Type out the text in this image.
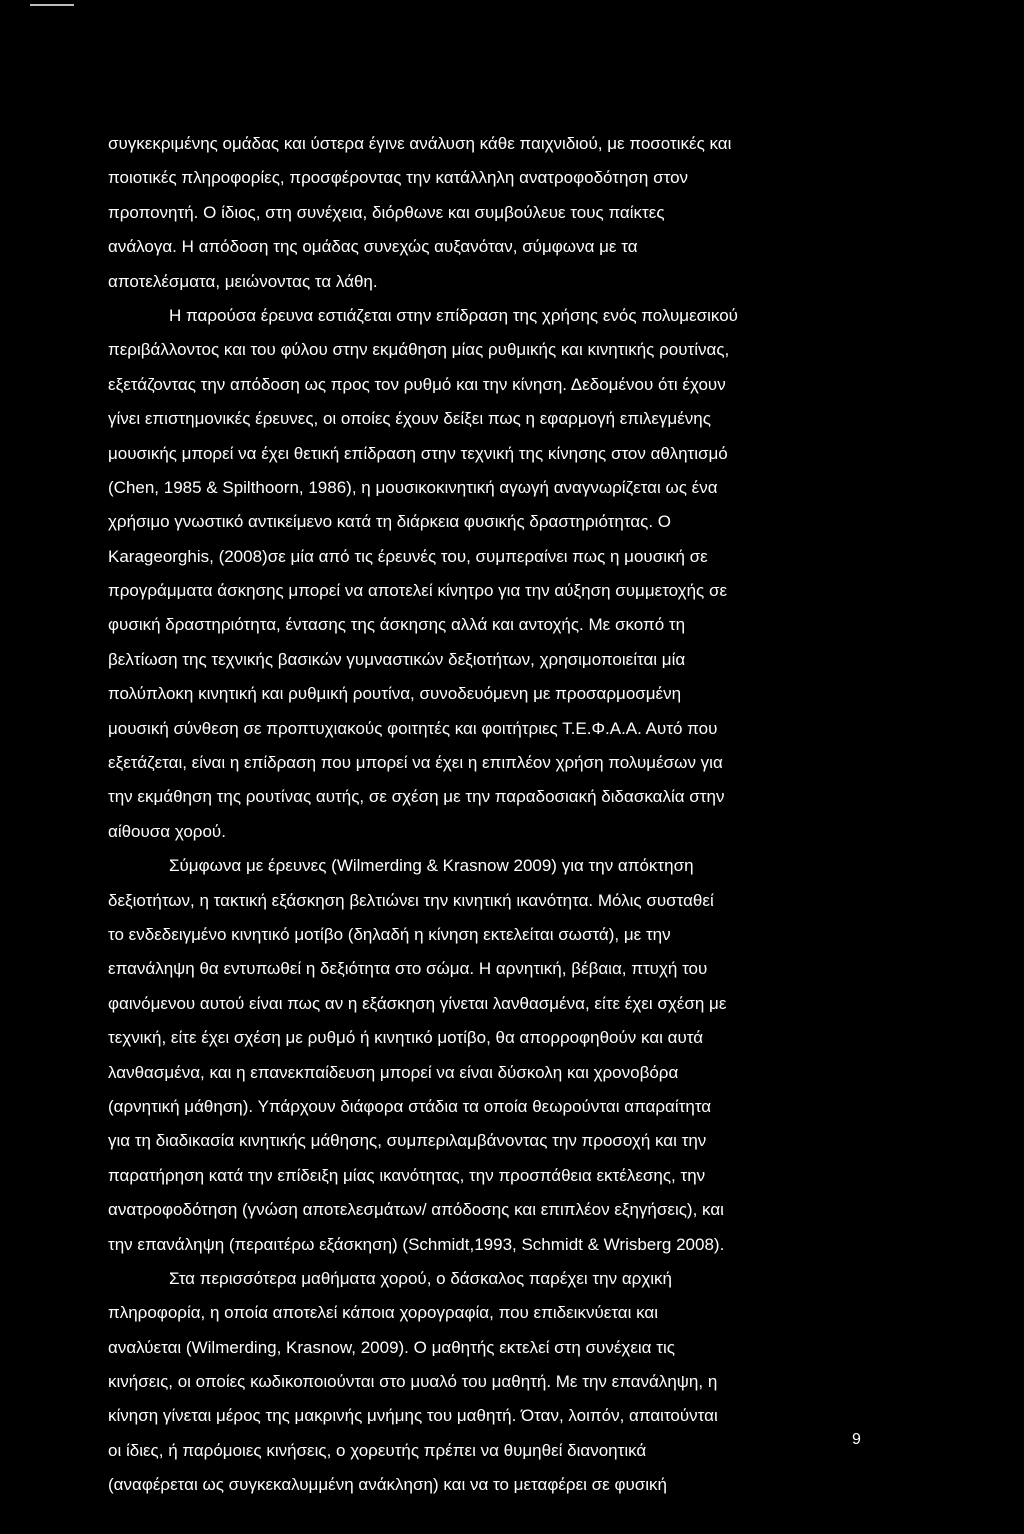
συγκεκριμένης ομάδας και ύστερα έγινε ανάλυση κάθε παιχνιδιού, με ποσοτικές και
ποιοτικές πληροφορίες, προσφέροντας την κατάλληλη ανατροφοδότηση στον
προπονητή. Ο ίδιος, στη συνέχεια, διόρθωνε και συμβούλευε τους παίκτες
ανάλογα. Η απόδοση της ομάδας συνεχώς αυξανόταν, σύμφωνα με τα
αποτελέσματα, μειώνοντας τα λάθη.
Η παρούσα έρευνα εστιάζεται στην επίδραση της χρήσης ενός πολυμεσικού
περιβάλλοντος και του φύλου στην εκμάθηση μίας ρυθμικής και κινητικής ρουτίνας,
εξετάζοντας την απόδοση ως προς τον ρυθμό και την κίνηση. Δεδομένου ότι έχουν
γίνει επιστημονικές έρευνες, οι οποίες έχουν δείξει πως η εφαρμογή επιλεγμένης
μουσικής μπορεί να έχει θετική επίδραση στην τεχνική της κίνησης στον αθλητισμό
(Chen, 1985 & Spilthoorn, 1986), η μουσικοκινητική αγωγή αναγνωρίζεται ως ένα
χρήσιμο γνωστικό αντικείμενο κατά τη διάρκεια φυσικής δραστηριότητας. Ο
Karageorghis, (2008)σε μία από τις έρευνές του, συμπεραίνει πως η μουσική σε
προγράμματα άσκησης μπορεί να αποτελεί κίνητρο για την αύξηση συμμετοχής σε
φυσική δραστηριότητα, έντασης της άσκησης αλλά και αντοχής. Με σκοπό τη
βελτίωση της τεχνικής βασικών γυμναστικών δεξιοτήτων, χρησιμοποιείται μία
πολύπλοκη κινητική και ρυθμική ρουτίνα, συνοδευόμενη με προσαρμοσμένη
μουσική σύνθεση σε προπτυχιακούς φοιτητές και φοιτήτριες Τ.Ε.Φ.Α.Α. Αυτό που
εξετάζεται, είναι η επίδραση που μπορεί να έχει η επιπλέον χρήση πολυμέσων για
την εκμάθηση της ρουτίνας αυτής, σε σχέση με την παραδοσιακή διδασκαλία στην
αίθουσα χορού.
Σύμφωνα με έρευνες (Wilmerding & Krasnow 2009) για την απόκτηση
δεξιοτήτων, η τακτική εξάσκηση βελτιώνει την κινητική ικανότητα. Μόλις συσταθεί
το ενδεδειγμένο κινητικό μοτίβο (δηλαδή η κίνηση εκτελείται σωστά), με την
επανάληψη θα εντυπωθεί η δεξιότητα στο σώμα. Η αρνητική, βέβαια, πτυχή του
φαινόμενου αυτού είναι πως αν η εξάσκηση γίνεται λανθασμένα, είτε έχει σχέση με
τεχνική, είτε έχει σχέση με ρυθμό ή κινητικό μοτίβο, θα απορροφηθούν και αυτά
λανθασμένα, και η επανεκπαίδευση μπορεί να είναι δύσκολη και χρονοβόρα
(αρνητική μάθηση). Υπάρχουν διάφορα στάδια τα οποία θεωρούνται απαραίτητα
για τη διαδικασία κινητικής μάθησης, συμπεριλαμβάνοντας την προσοχή και την
παρατήρηση κατά την επίδειξη μίας ικανότητας, την προσπάθεια εκτέλεσης, την
ανατροφοδότηση (γνώση αποτελεσμάτων/ απόδοσης και επιπλέον εξηγήσεις), και
την επανάληψη (περαιτέρω εξάσκηση) (Schmidt,1993, Schmidt & Wrisberg 2008).
Στα περισσότερα μαθήματα χορού, ο δάσκαλος παρέχει την αρχική
πληροφορία, η οποία αποτελεί κάποια χορογραφία, που επιδεικνύεται και
αναλύεται (Wilmerding, Krasnow, 2009). Ο μαθητής εκτελεί στη συνέχεια τις
κινήσεις, οι οποίες κωδικοποιούνται στο μυαλό του μαθητή. Με την επανάληψη, η
κίνηση γίνεται μέρος της μακρινής μνήμης του μαθητή. Όταν, λοιπόν, απαιτούνται
οι ίδιες, ή παρόμοιες κινήσεις, ο χορευτής πρέπει να θυμηθεί διανοητικά
(αναφέρεται ως συγκεκαλυμμένη ανάκληση) και να το μεταφέρει σε φυσική
9
